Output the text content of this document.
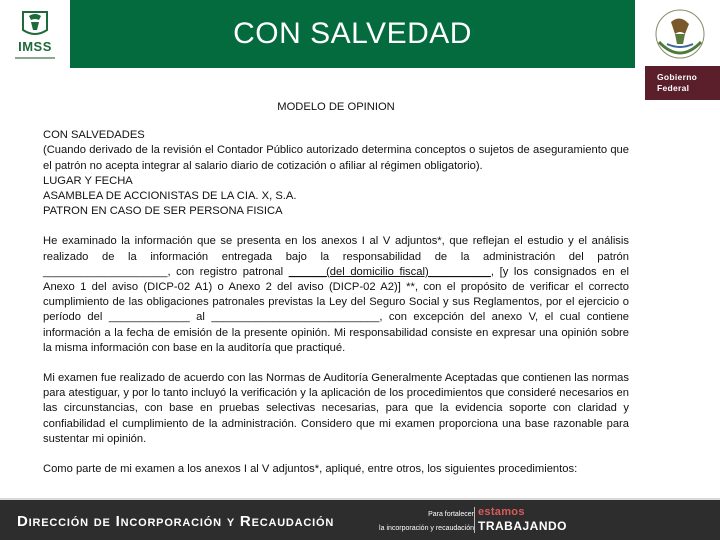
IMSS	CON SALVEDAD
Gobierno
Federal
MODELO DE OPINION
CON SALVEDADES
(Cuando derivado de la revisión el Contador Público autorizado determina conceptos o sujetos de aseguramiento que el patrón no acepta integrar al salario diario de cotización o afiliar al régimen obligatorio).
LUGAR Y FECHA
ASAMBLEA DE ACCIONISTAS DE LA CIA. X, S.A.
PATRON EN CASO DE SER PERSONA FISICA
He examinado la información que se presenta en los anexos I al V adjuntos*, que reflejan el estudio y el análisis realizado de la información entregada bajo la responsabilidad de la administración del patrón ____________________, con registro patronal ______(del domicilio fiscal)__________, [y los consignados en el Anexo 1 del aviso (DICP-02 A1) o Anexo 2 del aviso (DICP-02 A2)] **, con el propósito de verificar el correcto cumplimiento de las obligaciones patronales previstas la Ley del Seguro Social y sus Reglamentos, por el ejercicio o período del _____________ al ___________________________, con excepción del anexo V, el cual contiene información a la fecha de emisión de la presente opinión. Mi responsabilidad consiste en expresar una opinión sobre la misma información con base en la auditoría que practiqué.
Mi examen fue realizado de acuerdo con las Normas de Auditoría Generalmente Aceptadas que contienen las normas para atestiguar, y por lo tanto incluyó la verificación y la aplicación de los procedimientos que consideré necesarios en las circunstancias, con base en pruebas selectivas necesarias, para que la evidencia soporte con claridad y confiabilidad el cumplimiento de la administración. Considero que mi examen proporciona una base razonable para sustentar mi opinión.
Como parte de mi examen a los anexos I al V adjuntos*, apliqué, entre otros, los siguientes procedimientos:
Dirección de Incorporación y Recaudación	Para fortalecer
la incorporación y recaudación
estamos
TRABAJANDO
